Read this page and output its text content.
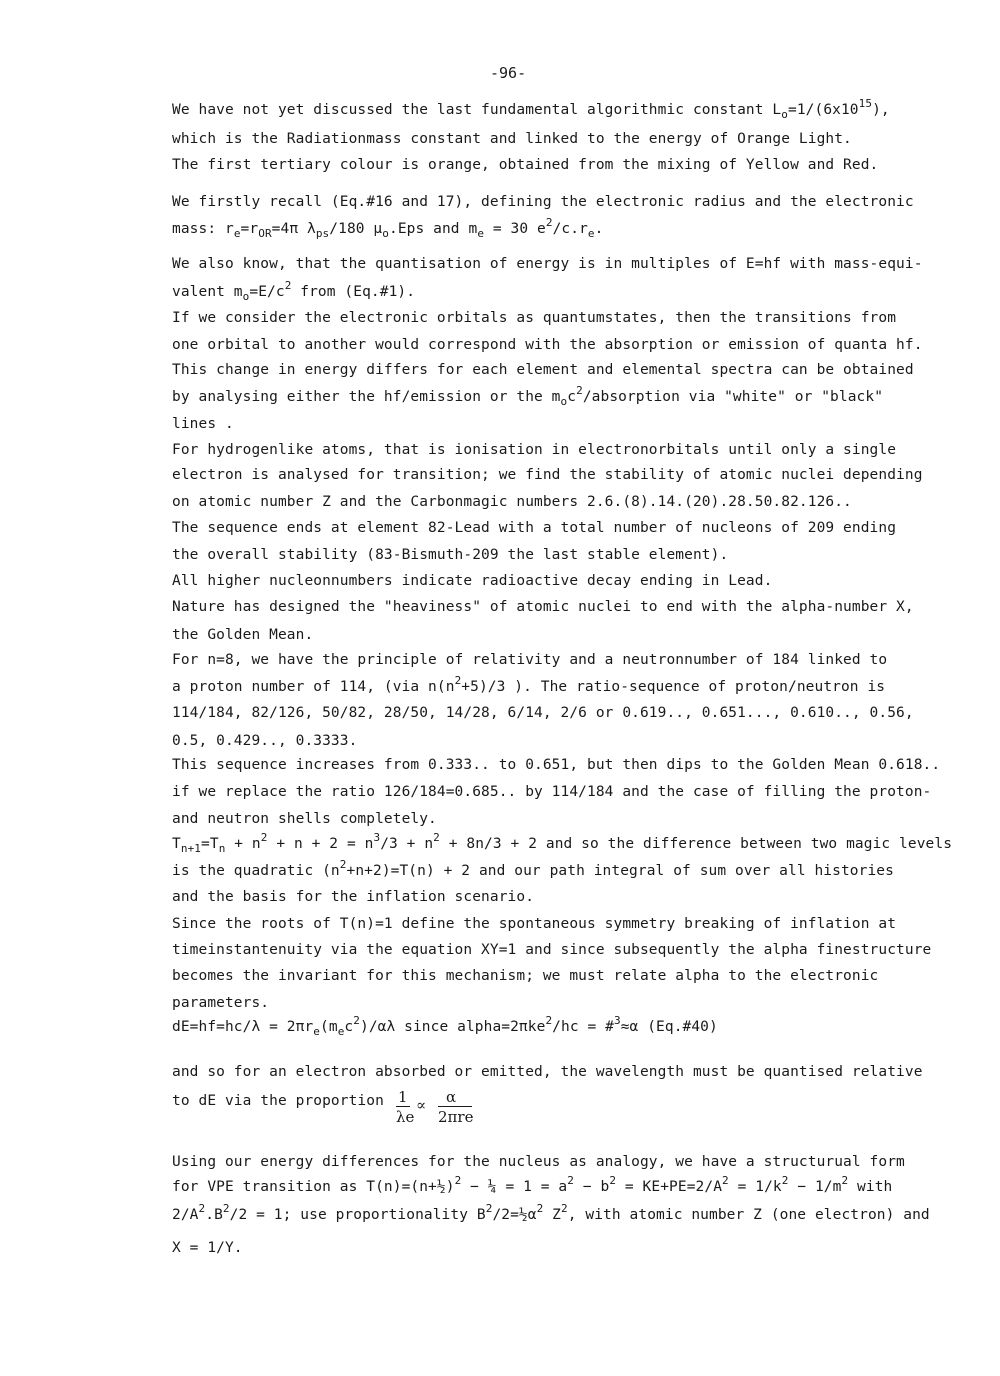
-96-
We have not yet discussed the last fundamental algorithmic constant $L_o=1/(6x10^{15})$,
which is the Radiationmass constant and linked to the energy of Orange Light.
The first tertiary colour is orange, obtained from the mixing of Yellow and Red.
We firstly recall (Eq.#16 and 17), defining the electronic radius and the electronic
mass: $r_e=r_{OR}=4\pi$ $\lambda_{ps}/180$ $\mu_o.Eps$ and $m_e = 30$ $e^2/c.r_e$.
We also know, that the quantisation of energy is in multiples of E=hf with mass-equi-
valent $m_o=E/c^2$ from (Eq.#1).
If we consider the electronic orbitals as quantumstates, then the transitions from
one orbital to another would correspond with the absorption or emission of quanta hf.
This change in energy differs for each element and elemental spectra can be obtained
by analysing either the hf/emission or the $m_oc^2$/absorption via "white" or "black"
lines .
For hydrogenlike atoms, that is ionisation in electronorbitals until only a single
electron is analysed for transition; we find the stability of atomic nuclei depending
on atomic number Z and the Carbonmagic numbers 2.6.(8).14.(20).28.50.82.126..
The sequence ends at element 82-Lead with a total number of nucleons of 209 ending
the overall stability (83-Bismuth-209 the last stable element).
All higher nucleonnumbers indicate radioactive decay ending in Lead.
Nature has designed the "heaviness" of atomic nuclei to end with the alpha-number X,
the Golden Mean.
For n=8, we have the principle of relativity and a neutronnumber of 184 linked to
a proton number of 114, (via $n(n^2+5)/3$ ). The ratio-sequence of proton/neutron is
114/184, 82/126, 50/82, 28/50, 14/28, 6/14, 2/6 or 0.619.., 0.651..., 0.610.., 0.56,
0.5, 0.429.., 0.3333.
This sequence increases from 0.333.. to 0.651, but then dips to the Golden Mean 0.618..
if we replace the ratio 126/184=0.685.. by 114/184 and the case of filling the proton-
and neutron shells completely.
$T_{n+1}=T_n + n^2 + n + 2 = n^3/3 + n^2 + 8n/3 + 2$ and so the difference between two magic levels
is the quadratic $(n^2+n+2)=T(n) + 2$ and our path integral of sum over all histories
and the basis for the inflation scenario.
Since the roots of T(n)=1 define the spontaneous symmetry breaking of inflation at
timeinstantenuity via the equation XY=1 and since subsequently the alpha finestructure
becomes the invariant for this mechanism; we must relate alpha to the electronic
parameters.
$dE=hf=hc/\lambda = 2\pi r_e(m_ec^2)/\alpha\lambda$ since alpha=2πke$^2$/hc = #$^3$≈α (Eq.#40)
and so for an electron absorbed or emitted, the wavelength must be quantised relative
to dE via the proportion 1
λe
∝ α
2πre
Using our energy differences for the nucleus as analogy, we have a structurual form
for VPE transition as T(n)=(n+½)$^2$ − ¼ = $1 = a^2 - b^2 = KE+PE=2/A^2 = 1/k^2 - 1/m^2$ with
$2/A^2.B^2/2 = 1$; use proportionality $B^2/2=\frac{1}{2}\alpha^2$ $Z^2$, with atomic number Z (one electron) and
X = 1/Y.
